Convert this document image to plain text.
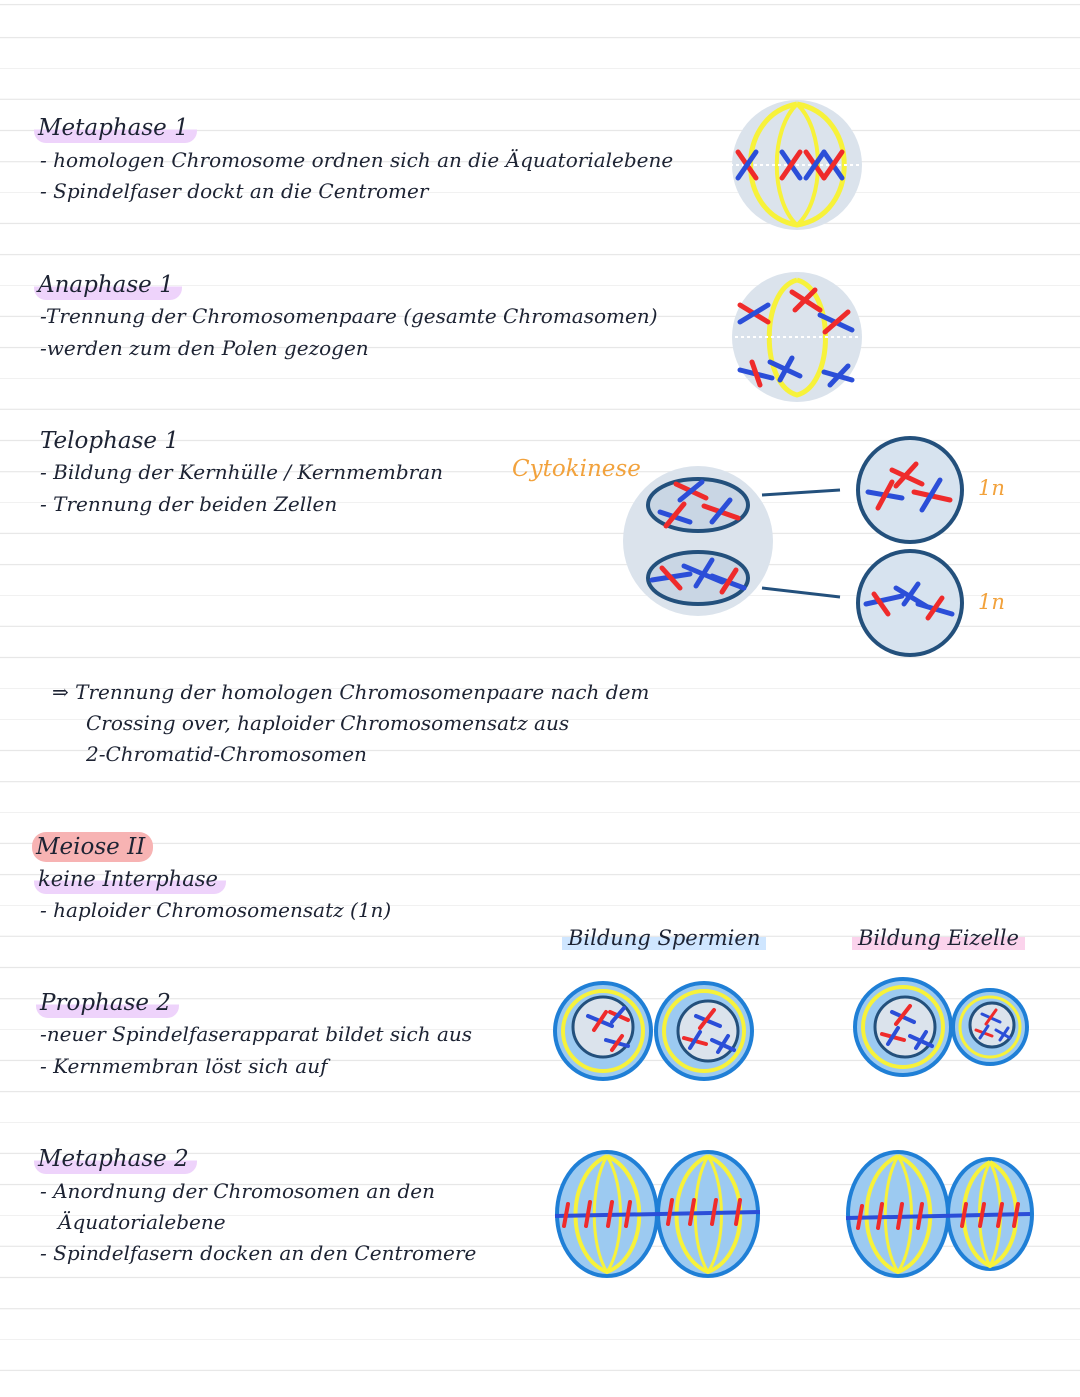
Metaphase 1
- homologen Chromosome ordnen sich an die Äquatorialebene
- Spindelfaser dockt an die Centromer
Anaphase 1
-Trennung der Chromosomenpaare (gesamte Chromasomen)
-werden zum den Polen gezogen
Telophase 1
- Bildung der Kernhülle / Kernmembran
- Trennung der beiden Zellen
Cytokinese
1n
1n
⇒ Trennung der homologen Chromosomenpaare nach dem
Crossing over, haploider Chromosomensatz aus
2-Chromatid-Chromosomen
Meiose II
keine Interphase
- haploider Chromosomensatz (1n)
Bildung Spermien	Bildung Eizelle
Prophase 2
-neuer Spindelfaserapparat bildet sich aus
- Kernmembran löst sich auf
Metaphase 2
- Anordnung der Chromosomen an den
Äquatorialebene
- Spindelfasern docken an den Centromere
